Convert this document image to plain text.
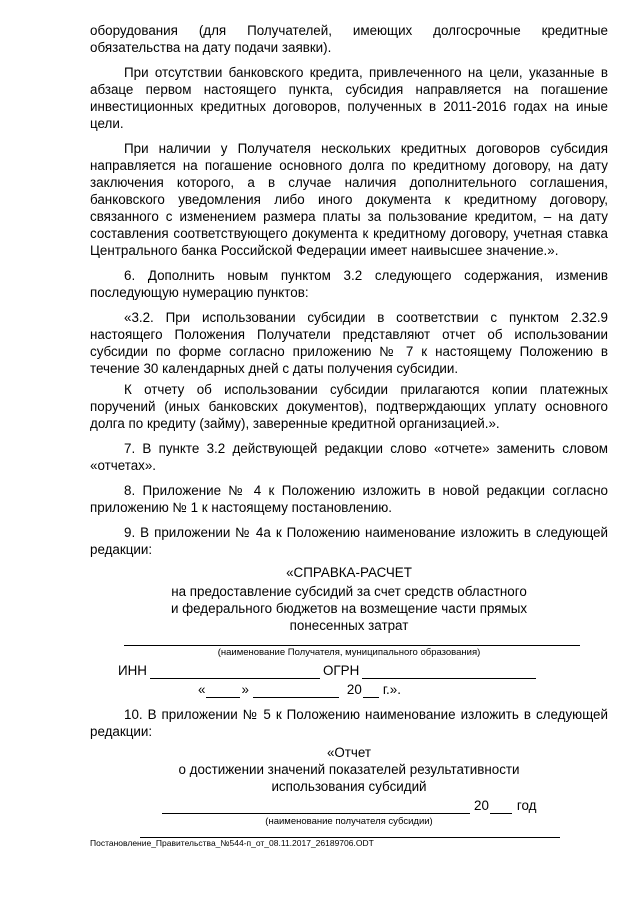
оборудования (для Получателей, имеющих долгосрочные кредитные обязательства на дату подачи заявки).

При отсутствии банковского кредита, привлеченного на цели, указанные в абзаце первом настоящего пункта, субсидия направляется на погашение инвестиционных кредитных договоров, полученных в 2011-2016 годах на иные цели.

При наличии у Получателя нескольких кредитных договоров субсидия направляется на погашение основного долга по кредитному договору, на дату заключения которого, а в случае наличия дополнительного соглашения, банковского уведомления либо иного документа к кредитному договору, связанного с изменением размера платы за пользование кредитом, – на дату составления соответствующего документа к кредитному договору, учетная ставка Центрального банка Российской Федерации имеет наивысшее значение.».

6. Дополнить новым пунктом 3.2 следующего содержания, изменив последующую нумерацию пунктов:

«3.2. При использовании субсидии в соответствии с пунктом 2.32.9 настоящего Положения Получатели представляют отчет об использовании субсидии по форме согласно приложению № 7 к настоящему Положению в течение 30 календарных дней с даты получения субсидии.

К отчету об использовании субсидии прилагаются копии платежных поручений (иных банковских документов), подтверждающих уплату основного долга по кредиту (займу), заверенные кредитной организацией.».

7. В пункте 3.2 действующей редакции слово «отчете» заменить словом «отчетах».

8. Приложение № 4 к Положению изложить в новой редакции согласно приложению № 1 к настоящему постановлению.

9. В приложении № 4а к Положению наименование изложить в следующей редакции:

«СПРАВКА-РАСЧЕТ
на предоставление субсидий за счет средств областного
и федерального бюджетов на возмещение части прямых
понесенных затрат
(наименование Получателя, муниципального образования)
ИНН	ОГРН
«	»	20 г.».

10. В приложении № 5 к Положению наименование изложить в следующей редакции:

«Отчет
о достижении значений показателей результативности
использования субсидий
20 год
(наименование получателя субсидии)
Постановление_Правительства_№544-п_от_08.11.2017_26189706.ODT
